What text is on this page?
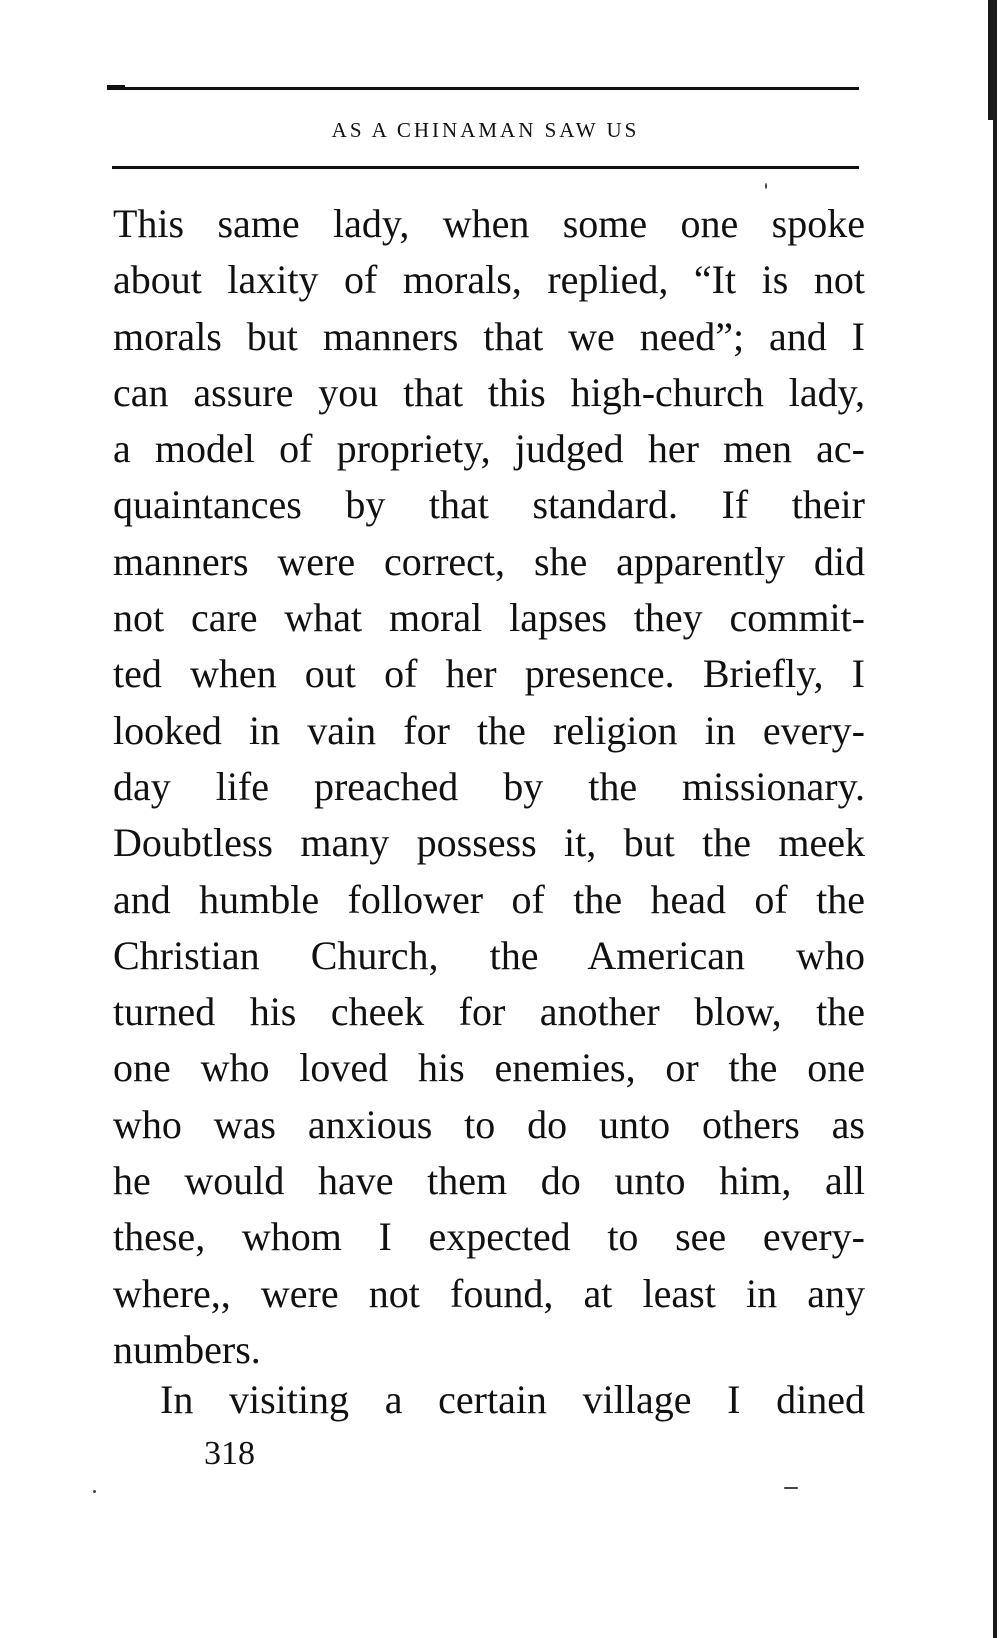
AS A CHINAMAN SAW US
This same lady, when some one spoke
about laxity of morals, replied, “It is not
morals but manners that we need”; and I
can assure you that this high-church lady,
a model of propriety, judged her men ac-
quaintances by that standard. If their
manners were correct, she apparently did
not care what moral lapses they commit-
ted when out of her presence. Briefly, I
looked in vain for the religion in every-
day life preached by the missionary.
Doubtless many possess it, but the meek
and humble follower of the head of the
Christian Church, the American who
turned his cheek for another blow, the
one who loved his enemies, or the one
who was anxious to do unto others as
he would have them do unto him, all
these, whom I expected to see every-
where,, were not found, at least in any
numbers.
In visiting a certain village I dined
318
